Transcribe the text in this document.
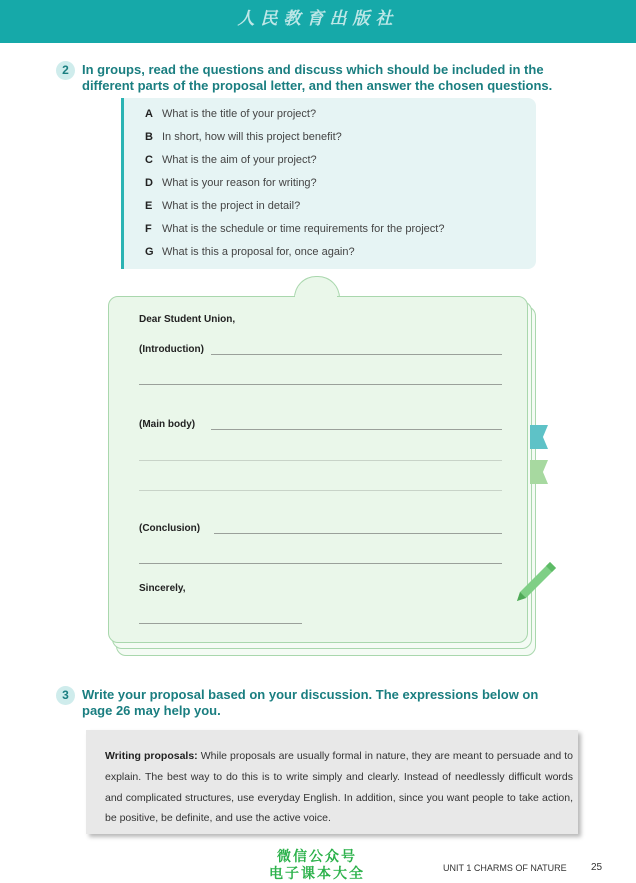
人民教育出版社
2	In groups, read the questions and discuss which should be included in the
different parts of the proposal letter, and then answer the chosen questions.
A What is the title of your project?
B In short, how will this project benefit?
C What is the aim of your project?
D What is your reason for writing?
E What is the project in detail?
F What is the schedule or time requirements for the project?
G What is this a proposal for, once again?
Dear Student Union,
(Introduction)
(Main body)
(Conclusion)
Sincerely,
3	Write your proposal based on your discussion. The expressions below on
page 26 may help you.
Writing proposals: While proposals are usually formal in nature, they are meant to persuade and to explain. The best way to do this is to write simply and clearly. Instead of needlessly difficult words and complicated structures, use everyday English. In addition, since you want people to take action, be positive, be definite, and use the active voice.
微信公众号
电子课本大全	UNIT 1 CHARMS OF NATURE 25
